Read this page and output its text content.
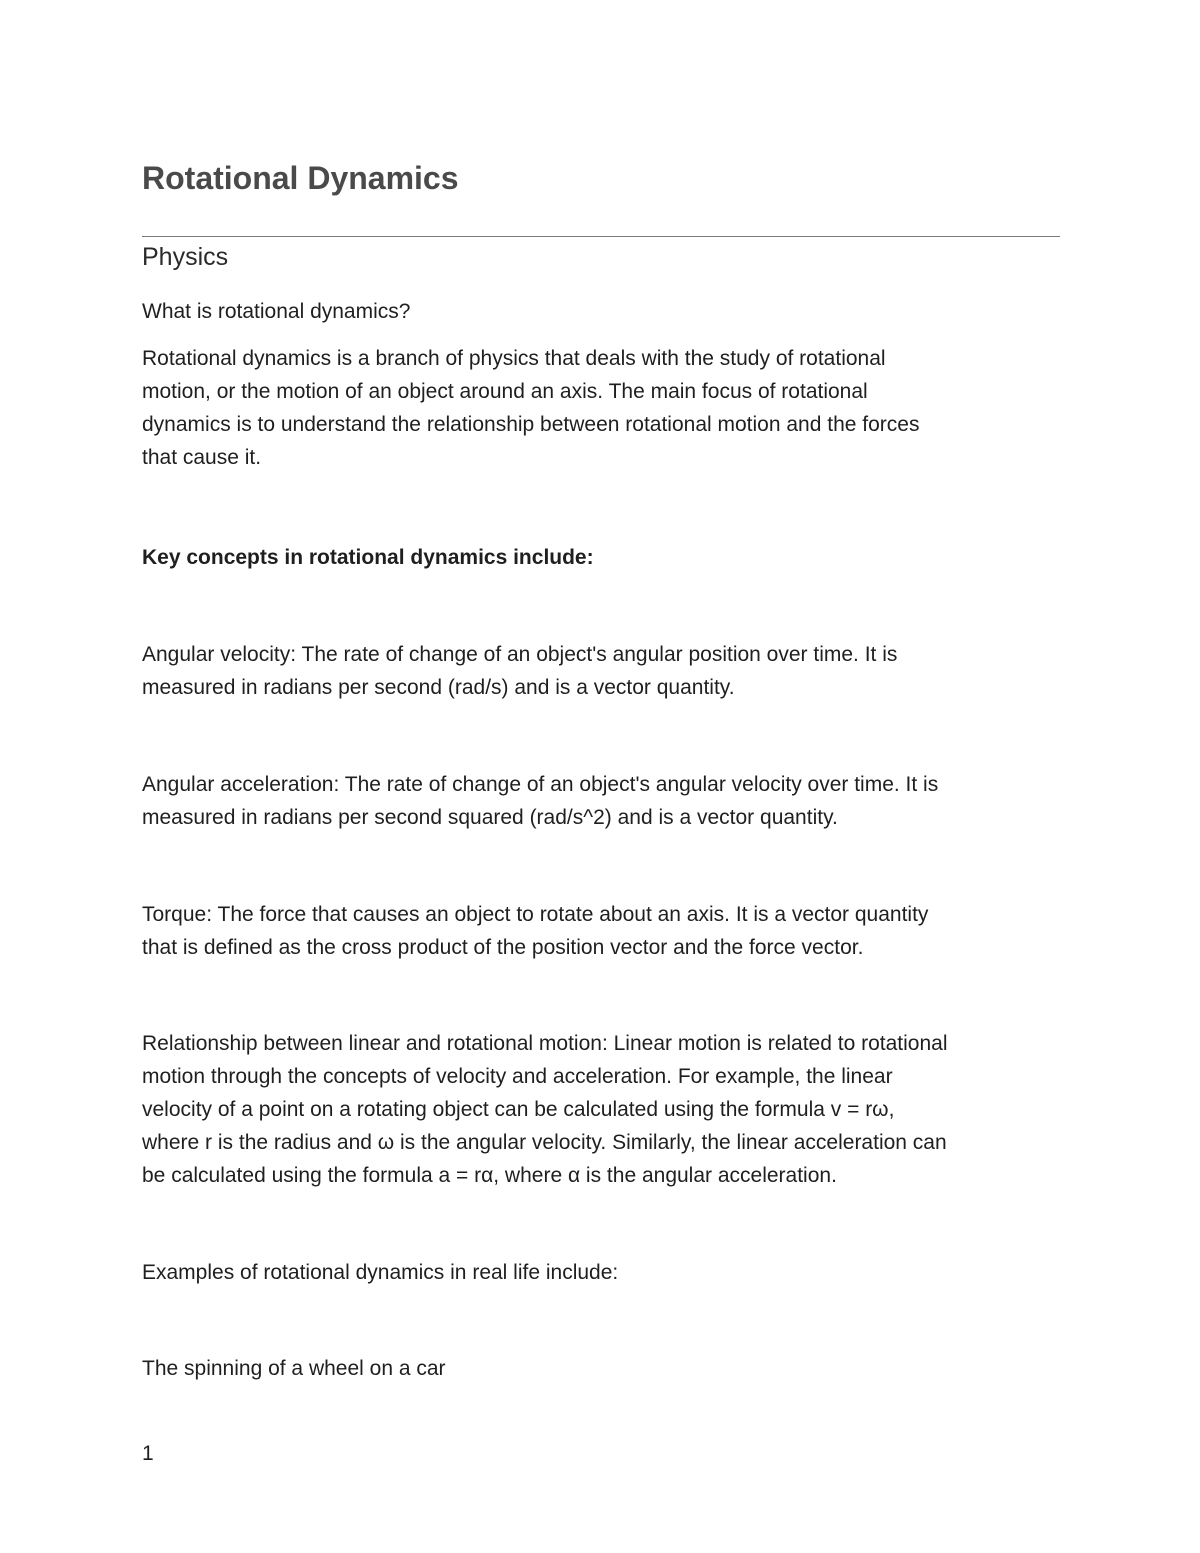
Rotational Dynamics
Physics

What is rotational dynamics?

Rotational dynamics is a branch of physics that deals with the study of rotational
motion, or the motion of an object around an axis. The main focus of rotational
dynamics is to understand the relationship between rotational motion and the forces
that cause it.

Key concepts in rotational dynamics include:

Angular velocity: The rate of change of an object's angular position over time. It is
measured in radians per second (rad/s) and is a vector quantity.

Angular acceleration: The rate of change of an object's angular velocity over time. It is
measured in radians per second squared (rad/s^2) and is a vector quantity.

Torque: The force that causes an object to rotate about an axis. It is a vector quantity
that is defined as the cross product of the position vector and the force vector.

Relationship between linear and rotational motion: Linear motion is related to rotational
motion through the concepts of velocity and acceleration. For example, the linear
velocity of a point on a rotating object can be calculated using the formula v = rω,
where r is the radius and ω is the angular velocity. Similarly, the linear acceleration can
be calculated using the formula a = rα, where α is the angular acceleration.

Examples of rotational dynamics in real life include:

The spinning of a wheel on a car

1
